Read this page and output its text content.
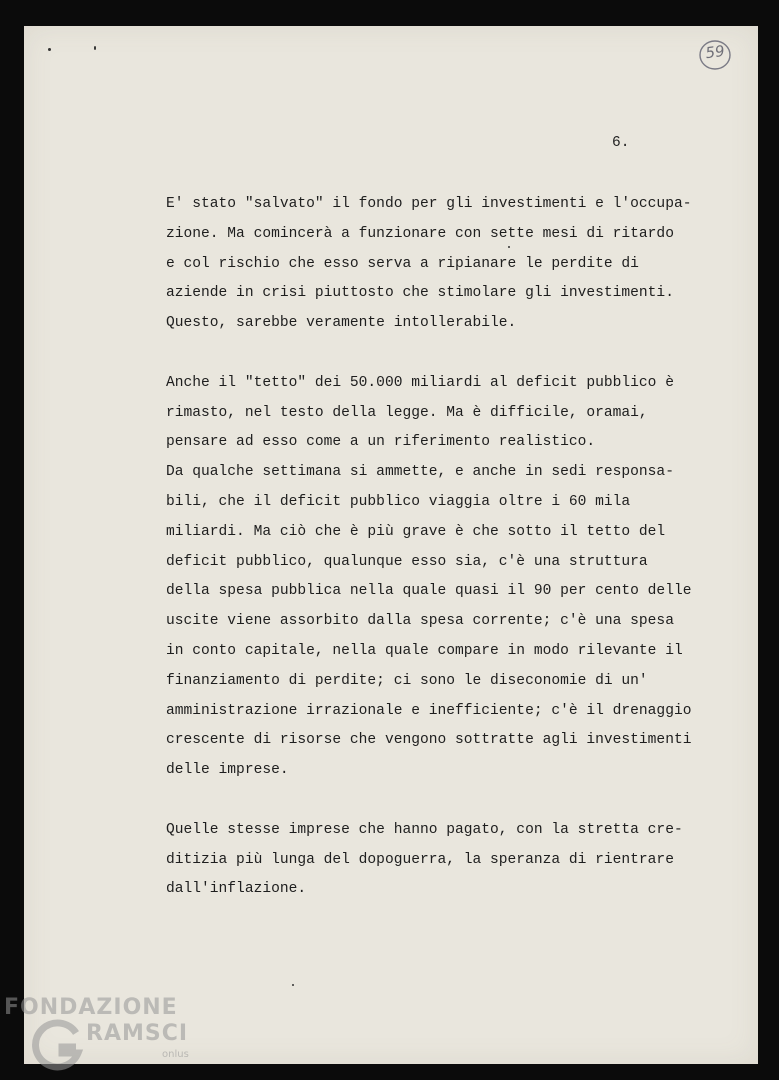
59
6.
E' stato "salvato" il fondo per gli investimenti e l'occupa-
zione. Ma comincerà a funzionare con sette mesi di ritardo
e col rischio che esso serva a ripianare le perdite di
aziende in crisi piuttosto che stimolare gli investimenti.
Questo, sarebbe veramente intollerabile.
Anche il "tetto" dei 50.000 miliardi al deficit pubblico è
rimasto, nel testo della legge. Ma è difficile, oramai,
pensare ad esso come a un riferimento realistico.
Da qualche settimana si ammette, e anche in sedi responsa-
bili, che il deficit pubblico viaggia oltre i 60 mila
miliardi. Ma ciò che è più grave è che sotto il tetto del
deficit pubblico, qualunque esso sia, c'è una struttura
della spesa pubblica nella quale quasi il 90 per cento delle
uscite viene assorbito dalla spesa corrente; c'è una spesa
in conto capitale, nella quale compare in modo rilevante il
finanziamento di perdite; ci sono le diseconomie di un'
amministrazione irrazionale e inefficiente; c'è il drenaggio
crescente di risorse che vengono sottratte agli investimenti
delle imprese.
Quelle stesse imprese che hanno pagato, con la stretta cre-
ditizia più lunga del dopoguerra, la speranza di rientrare
dall'inflazione.
FONDAZIONE
RAMSCI
onlus
